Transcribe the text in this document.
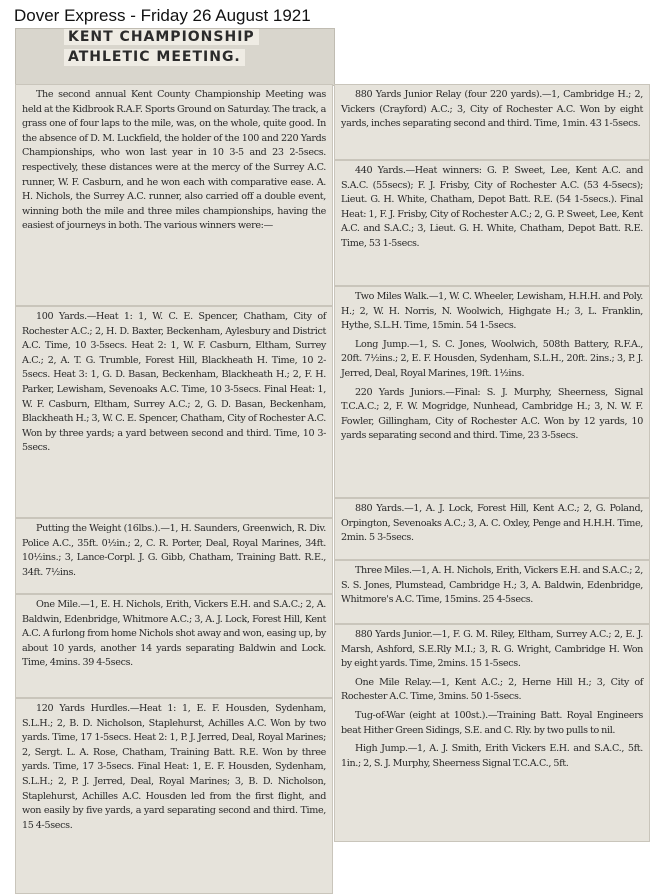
Dover Express - Friday 26 August 1921
KENT CHAMPIONSHIP
ATHLETIC MEETING.

The second annual Kent County Championship Meeting was held at the Kidbrook R.A.F. Sports Ground on Saturday. The track, a grass one of four laps to the mile, was, on the whole, quite good. In the absence of D. M. Luckfield, the holder of the 100 and 220 Yards Championships, who won last year in 10 3-5 and 23 2-5secs. respectively, these distances were at the mercy of the Surrey A.C. runner, W. F. Casburn, and he won each with comparative ease. A. H. Nichols, the Surrey A.C. runner, also carried off a double event, winning both the mile and three miles championships, having the easiest of journeys in both. The various winners were:—

100 Yards.—Heat 1: 1, W. C. E. Spencer, Chatham, City of Rochester A.C.; 2, H. D. Baxter, Beckenham, Aylesbury and District A.C. Time, 10 3-5secs. Heat 2: 1, W. F. Casburn, Eltham, Surrey A.C.; 2, A. T. G. Trumble, Forest Hill, Blackheath H. Time, 10 2-5secs. Heat 3: 1, G. D. Basan, Beckenham, Blackheath H.; 2, F. H. Parker, Lewisham, Sevenoaks A.C. Time, 10 3-5secs. Final Heat: 1, W. F. Casburn, Eltham, Surrey A.C.; 2, G. D. Basan, Beckenham, Blackheath H.; 3, W. C. E. Spencer, Chatham, City of Rochester A.C. Won by three yards; a yard between second and third. Time, 10 3-5secs.

Putting the Weight (16lbs.).—1, H. Saunders, Greenwich, R. Div. Police A.C., 35ft. 0½in.; 2, C. R. Porter, Deal, Royal Marines, 34ft. 10½ins.; 3, Lance-Corpl. J. G. Gibb, Chatham, Training Batt. R.E., 34ft. 7½ins.

One Mile.—1, E. H. Nichols, Erith, Vickers E.H. and S.A.C.; 2, A. Baldwin, Edenbridge, Whitmore A.C.; 3, A. J. Lock, Forest Hill, Kent A.C. A furlong from home Nichols shot away and won, easing up, by about 10 yards, another 14 yards separating Baldwin and Lock. Time, 4mins. 39 4-5secs.

120 Yards Hurdles.—Heat 1: 1, E. F. Housden, Sydenham, S.L.H.; 2, B. D. Nicholson, Staplehurst, Achilles A.C. Won by two yards. Time, 17 1-5secs. Heat 2: 1, P. J. Jerred, Deal, Royal Marines; 2, Sergt. L. A. Rose, Chatham, Training Batt. R.E. Won by three yards. Time, 17 3-5secs. Final Heat: 1, E. F. Housden, Sydenham, S.L.H.; 2, P. J. Jerred, Deal, Royal Marines; 3, B. D. Nicholson, Staplehurst, Achilles A.C. Housden led from the first flight, and won easily by five yards, a yard separating second and third. Time, 15 4-5secs.

880 Yards Junior Relay (four 220 yards).—1, Cambridge H.; 2, Vickers (Crayford) A.C.; 3, City of Rochester A.C. Won by eight yards, inches separating second and third. Time, 1min. 43 1-5secs.

440 Yards.—Heat winners: G. P. Sweet, Lee, Kent A.C. and S.A.C. (55secs); F. J. Frisby, City of Rochester A.C. (53 4-5secs); Lieut. G. H. White, Chatham, Depot Batt. R.E. (54 1-5secs.). Final Heat: 1, F. J. Frisby, City of Rochester A.C.; 2, G. P. Sweet, Lee, Kent A.C. and S.A.C.; 3, Lieut. G. H. White, Chatham, Depot Batt. R.E. Time, 53 1-5secs.

Two Miles Walk.—1, W. C. Wheeler, Lewisham, H.H.H. and Poly. H.; 2, W. H. Norris, N. Woolwich, Highgate H.; 3, L. Franklin, Hythe, S.L.H. Time, 15min. 54 1-5secs.

Long Jump.—1, S. C. Jones, Woolwich, 508th Battery, R.F.A., 20ft. 7½ins.; 2, E. F. Housden, Sydenham, S.L.H., 20ft. 2ins.; 3, P. J. Jerred, Deal, Royal Marines, 19ft. 1½ins.

220 Yards Juniors.—Final: S. J. Murphy, Sheerness, Signal T.C.A.C.; 2, F. W. Mogridge, Nunhead, Cambridge H.; 3, N. W. F. Fowler, Gillingham, City of Rochester A.C. Won by 12 yards, 10 yards separating second and third. Time, 23 3-5secs.

880 Yards.—1, A. J. Lock, Forest Hill, Kent A.C.; 2, G. Poland, Orpington, Sevenoaks A.C.; 3, A. C. Oxley, Penge and H.H.H. Time, 2min. 5 3-5secs.

Three Miles.—1, A. H. Nichols, Erith, Vickers E.H. and S.A.C.; 2, S. S. Jones, Plumstead, Cambridge H.; 3, A. Baldwin, Edenbridge, Whitmore's A.C. Time, 15mins. 25 4-5secs.

880 Yards Junior.—1, F. G. M. Riley, Eltham, Surrey A.C.; 2, E. J. Marsh, Ashford, S.E.Rly M.I.; 3, R. G. Wright, Cambridge H. Won by eight yards. Time, 2mins. 15 1-5secs.

One Mile Relay.—1, Kent A.C.; 2, Herne Hill H.; 3, City of Rochester A.C. Time, 3mins. 50 1-5secs.

Tug-of-War (eight at 100st.).—Training Batt. Royal Engineers beat Hither Green Sidings, S.E. and C. Rly. by two pulls to nil.

High Jump.—1, A. J. Smith, Erith Vickers E.H. and S.A.C., 5ft. 1in.; 2, S. J. Murphy, Sheerness Signal T.C.A.C., 5ft.
